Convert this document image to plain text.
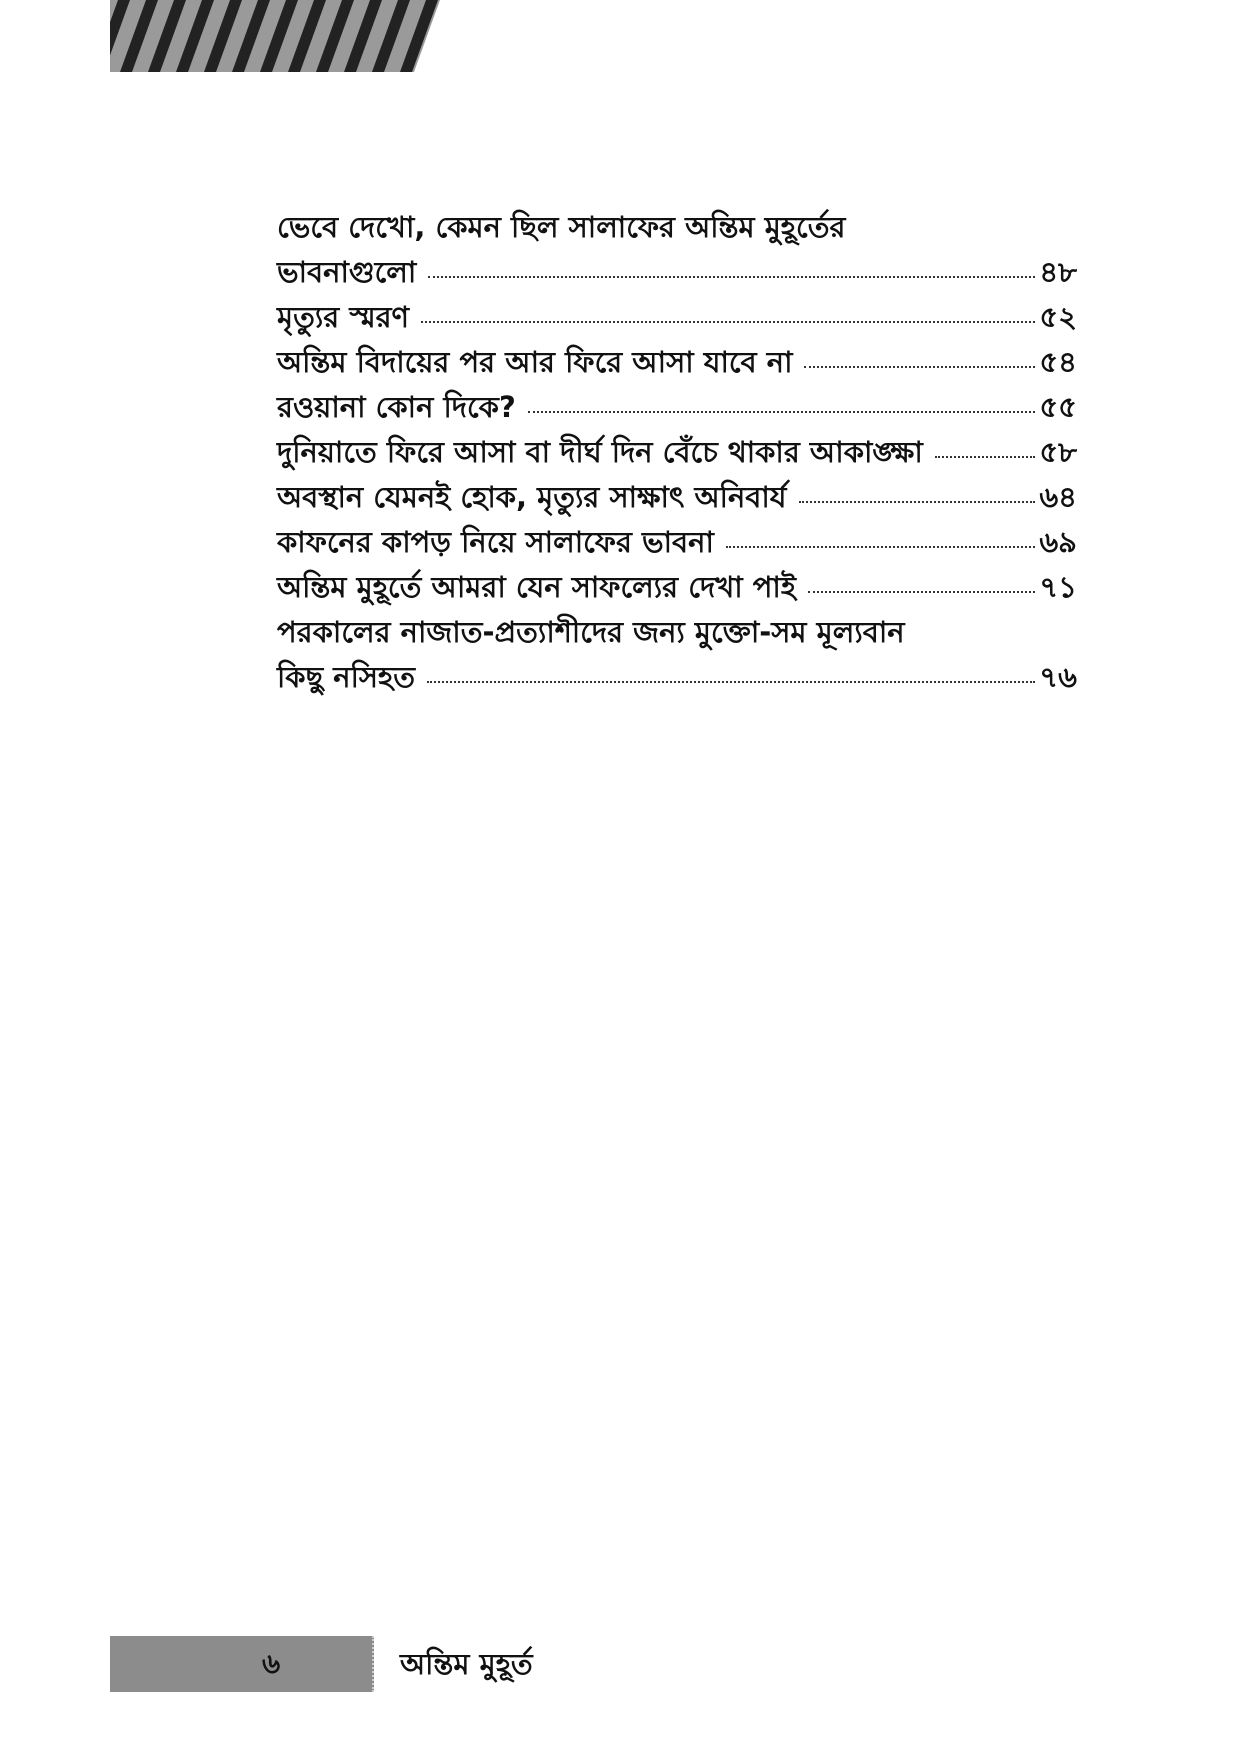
ভেবে দেখো, কেমন ছিল সালাফের অন্তিম মুহূর্তের
ভাবনাগুলো	৪৮
মৃত্যুর স্মরণ	৫২
অন্তিম বিদায়ের পর আর ফিরে আসা যাবে না	৫৪
রওয়ানা কোন দিকে?	৫৫
দুনিয়াতে ফিরে আসা বা দীর্ঘ দিন বেঁচে থাকার আকাঙ্ক্ষা	৫৮
অবস্থান যেমনই হোক, মৃত্যুর সাক্ষাৎ অনিবার্য	৬৪
কাফনের কাপড় নিয়ে সালাফের ভাবনা	৬৯
অন্তিম মুহূর্তে আমরা যেন সাফল্যের দেখা পাই	৭১
পরকালের নাজাত-প্রত্যাশীদের জন্য মুক্তো-সম মূল্যবান
কিছু নসিহত	৭৬
৬	অন্তিম মুহূর্ত
